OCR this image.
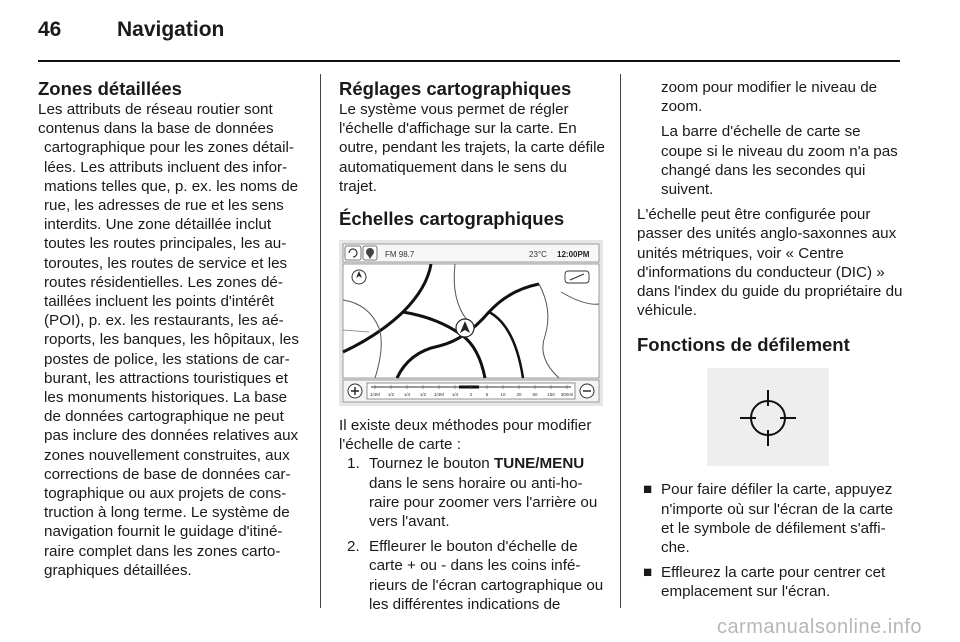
46	Navigation
Zones détaillées

Les attributs de réseau routier sont

contenus dans la base de données cartographique pour les zones détaillées. Les attributs incluent des informations telles que, p. ex. les noms de rue, les adresses de rue et les sens interdits. Une zone détaillée inclut toutes les routes principales, les autoroutes, les routes de service et les routes résidentielles. Les zones détaillées incluent les points d'intérêt (POI), p. ex. les restaurants, les aéroports, les banques, les hôpitaux, les postes de police, les stations de carburant, les attractions touristiques et les monuments historiques. La base de données cartographique ne peut pas inclure des données relatives aux zones nouvellement construites, aux corrections de base de données cartographique ou aux projets de construction à long terme. Le système de navigation fournit le guidage d'itinéraire complet dans les zones cartographiques détaillées.

Réglages cartographiques

Le système vous permet de régler l'échelle d'affichage sur la carte. En outre, pendant les trajets, la carte défile automatiquement dans le sens du trajet.

Échelles cartographiques
FM 98.7	23°C 12:00PM
1/4M 1/2 1/4 1/2 1/4M 1/4	2	5	10 20 50 150 300mi

Il existe deux méthodes pour modifier l'échelle de carte :

1. Tournez le bouton TUNE/MENU dans le sens horaire ou anti-horaire pour zoomer vers l'arrière ou vers l'avant.
2. Effleurer le bouton d'échelle de carte + ou - dans les coins inférieurs de l'écran cartographique ou les différentes indications de

zoom pour modifier le niveau de zoom.

La barre d'échelle de carte se coupe si le niveau du zoom n'a pas changé dans les secondes qui suivent.

L'échelle peut être configurée pour passer des unités anglo-saxonnes aux unités métriques, voir « Centre d'informations du conducteur (DIC) » dans l'index du guide du propriétaire du véhicule.

Fonctions de défilement
■ Pour faire défiler la carte, appuyez n'importe où sur l'écran de la carte et le symbole de défilement s'affiche.
■ Effleurez la carte pour centrer cet emplacement sur l'écran.
carmanualsonline.info
